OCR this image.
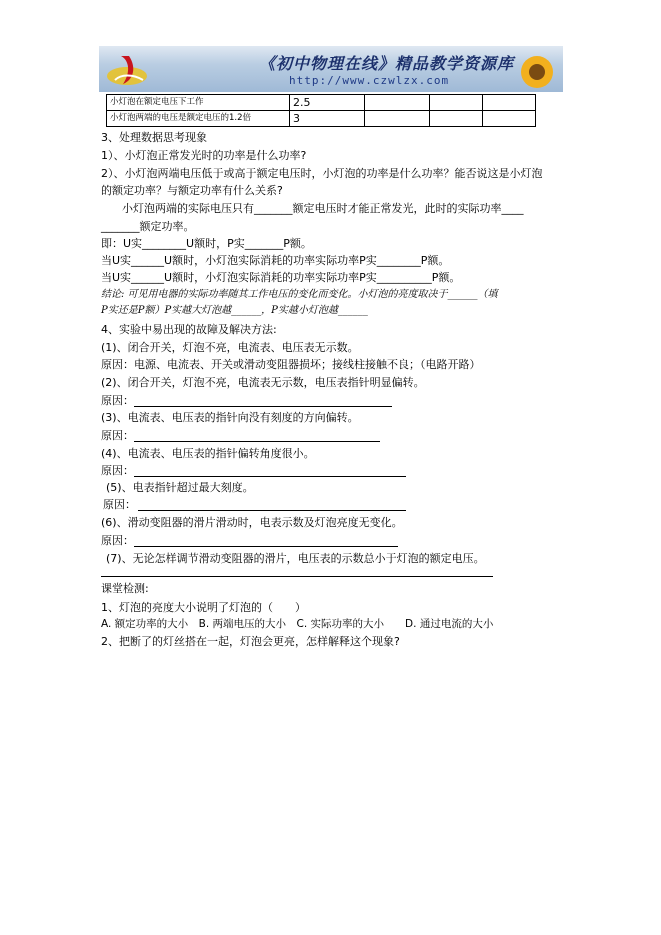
《初中物理在线》精品教学资源库
http://www.czwlzx.com
小灯泡在额定电压下工作	2.5			
小灯泡两端的电压是额定电压的1.2倍	3			
3、处理数据思考现象
1）、小灯泡正常发光时的功率是什么功率?
2）、小灯泡两端电压低于或高于额定电压时，小灯泡的功率是什么功率？能否说这是小灯泡
的额定功率？与额定功率有什么关系?
小灯泡两端的实际电压只有_______额定电压时才能正常发光，此时的实际功率____
_______额定功率。
即：U实________U额时，P实_______P额。
当U实______U额时，小灯泡实际消耗的功率实际功率P实________P额。
当U实______U额时，小灯泡实际消耗的功率实际功率P实__________P额。
结论: 可见用电器的实际功率随其工作电压的变化而变化。小灯泡的亮度取决于______（填
P实还是P额）P实越大灯泡越______，P实越小灯泡越______
4、实验中易出现的故障及解决方法:
(1)、闭合开关，灯泡不亮，电流表、电压表无示数。
原因：电源、电流表、开关或滑动变阻器损坏；接线柱接触不良；（电路开路）
(2)、闭合开关，灯泡不亮，电流表无示数，电压表指针明显偏转。
原因：
(3)、电流表、电压表的指针向没有刻度的方向偏转。
原因：
(4)、电流表、电压表的指针偏转角度很小。
原因：
(5)、电表指针超过最大刻度。
原因：
(6)、滑动变阻器的滑片滑动时，电表示数及灯泡亮度无变化。
原因：
(7)、无论怎样调节滑动变阻器的滑片，电压表的示数总小于灯泡的额定电压。
课堂检测:
1、灯泡的亮度大小说明了灯泡的（　　）
A. 额定功率的大小　B. 两端电压的大小　C. 实际功率的大小　　D. 通过电流的大小
2、把断了的灯丝搭在一起，灯泡会更亮，怎样解释这个现象?
